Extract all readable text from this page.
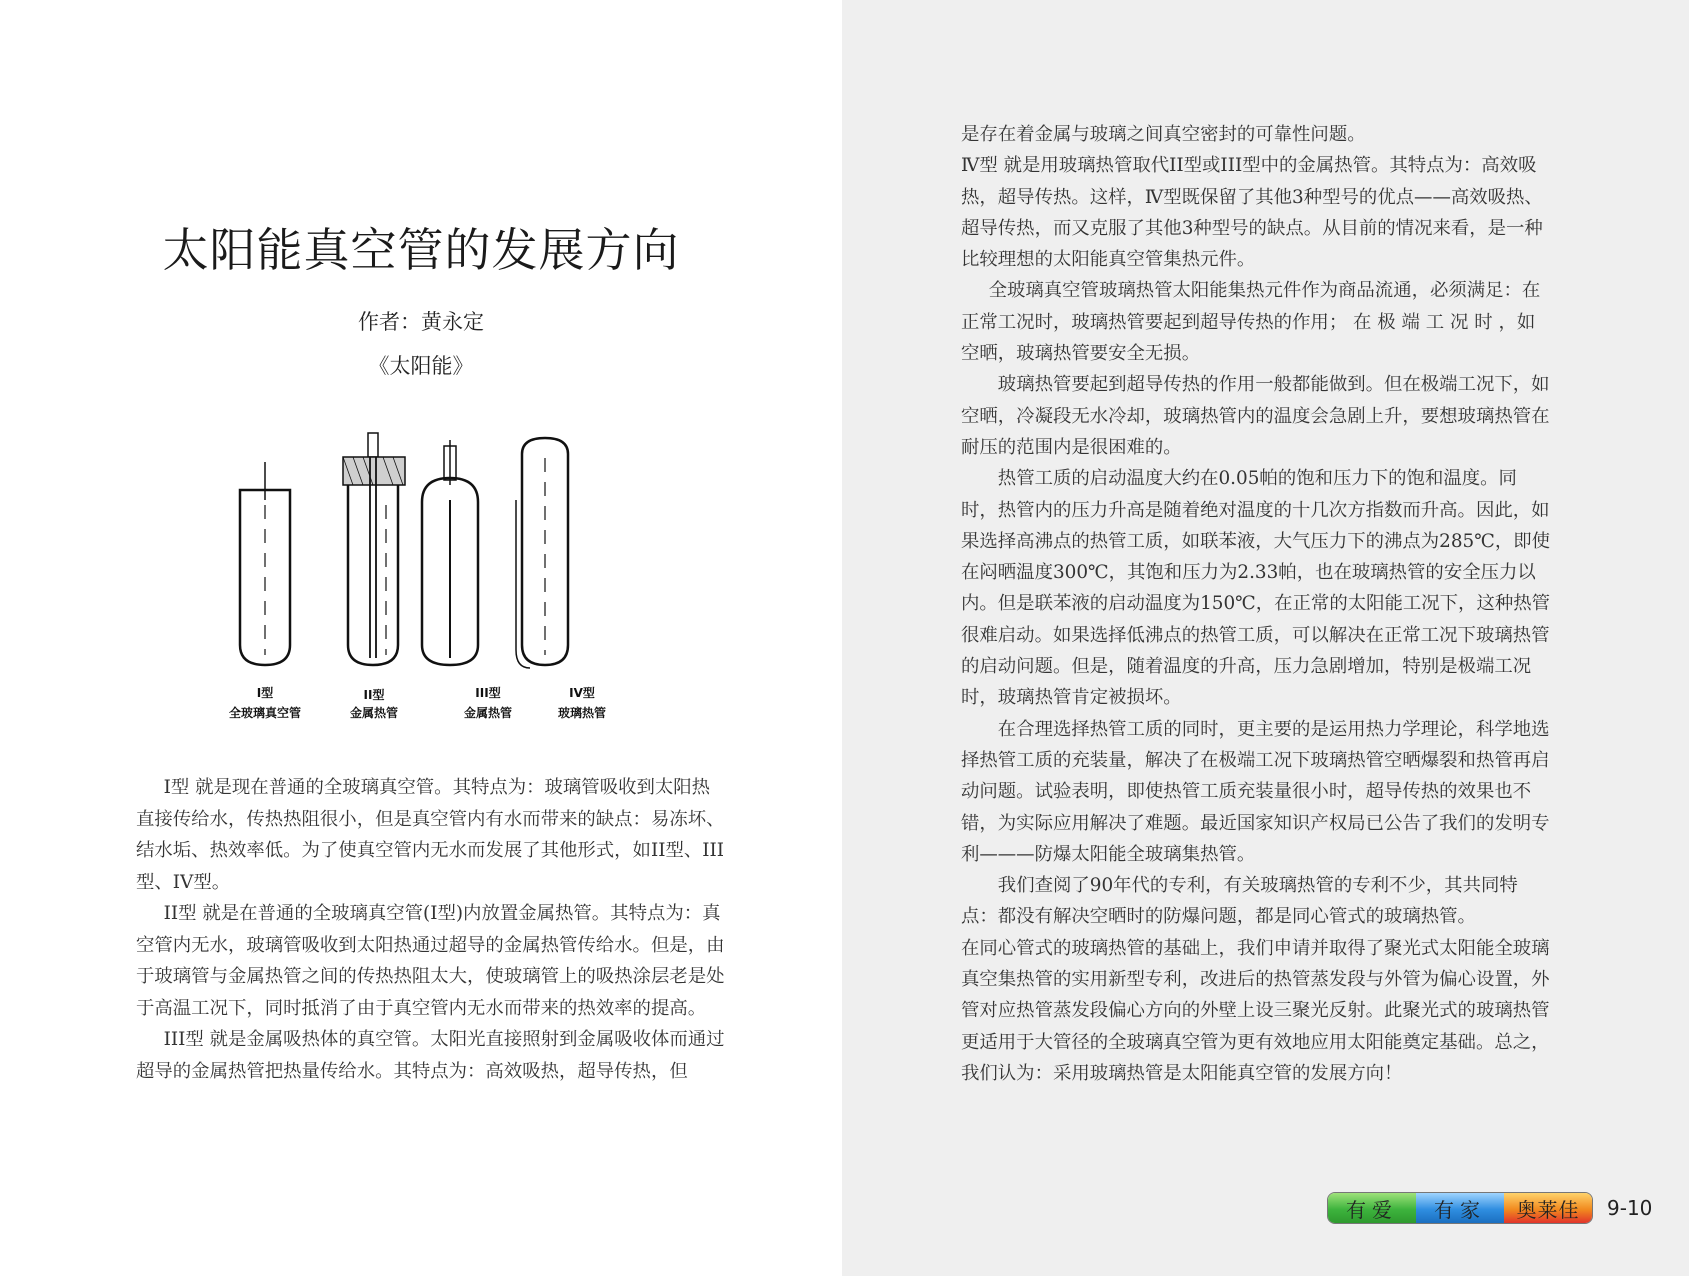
太阳能真空管的发展方向
作者：黄永定
《太阳能》
I型
全玻璃真空管
II型
金属热管
III型
金属热管
IV型
玻璃热管

I型 就是现在普通的全玻璃真空管。其特点为：玻璃管吸收到太阳热直接传给水，传热热阻很小，但是真空管内有水而带来的缺点：易冻坏、结水垢、热效率低。为了使真空管内无水而发展了其他形式，如II型、III型、IV型。

II型 就是在普通的全玻璃真空管(I型)内放置金属热管。其特点为：真空管内无水，玻璃管吸收到太阳热通过超导的金属热管传给水。但是，由于玻璃管与金属热管之间的传热热阻太大，使玻璃管上的吸热涂层老是处于高温工况下，同时抵消了由于真空管内无水而带来的热效率的提高。

III型 就是金属吸热体的真空管。太阳光直接照射到金属吸收体而通过超导的金属热管把热量传给水。其特点为：高效吸热，超导传热，但

是存在着金属与玻璃之间真空密封的可靠性问题。

Ⅳ型 就是用玻璃热管取代II型或III型中的金属热管。其特点为：高效吸热，超导传热。这样，Ⅳ型既保留了其他3种型号的优点——高效吸热、超导传热，而又克服了其他3种型号的缺点。从目前的情况来看，是一种比较理想的太阳能真空管集热元件。

全玻璃真空管玻璃热管太阳能集热元件作为商品流通，必须满足：在正常工况时，玻璃热管要起到超导传热的作用； 在 极 端 工 况 时 ，如空晒，玻璃热管要安全无损。

玻璃热管要起到超导传热的作用一般都能做到。但在极端工况下，如空晒，冷凝段无水冷却，玻璃热管内的温度会急剧上升，要想玻璃热管在耐压的范围内是很困难的。

热管工质的启动温度大约在0.05帕的饱和压力下的饱和温度。同时，热管内的压力升高是随着绝对温度的十几次方指数而升高。因此，如果选择高沸点的热管工质，如联苯液，大气压力下的沸点为285℃，即使在闷晒温度300℃，其饱和压力为2.33帕，也在玻璃热管的安全压力以内。但是联苯液的启动温度为150℃，在正常的太阳能工况下，这种热管很难启动。如果选择低沸点的热管工质，可以解决在正常工况下玻璃热管的启动问题。但是，随着温度的升高，压力急剧增加，特别是极端工况时，玻璃热管肯定被损坏。

在合理选择热管工质的同时，更主要的是运用热力学理论，科学地选择热管工质的充装量，解决了在极端工况下玻璃热管空晒爆裂和热管再启动问题。试验表明，即使热管工质充装量很小时，超导传热的效果也不错，为实际应用解决了难题。最近国家知识产权局已公告了我们的发明专利———防爆太阳能全玻璃集热管。

我们查阅了90年代的专利，有关玻璃热管的专利不少，其共同特点：都没有解决空晒时的防爆问题，都是同心管式的玻璃热管。

在同心管式的玻璃热管的基础上，我们申请并取得了聚光式太阳能全玻璃真空集热管的实用新型专利，改进后的热管蒸发段与外管为偏心设置，外管对应热管蒸发段偏心方向的外壁上设三聚光反射。此聚光式的玻璃热管更适用于大管径的全玻璃真空管为更有效地应用太阳能奠定基础。总之，我们认为：采用玻璃热管是太阳能真空管的发展方向！

有爱	有家	奥莱佳	9-10
